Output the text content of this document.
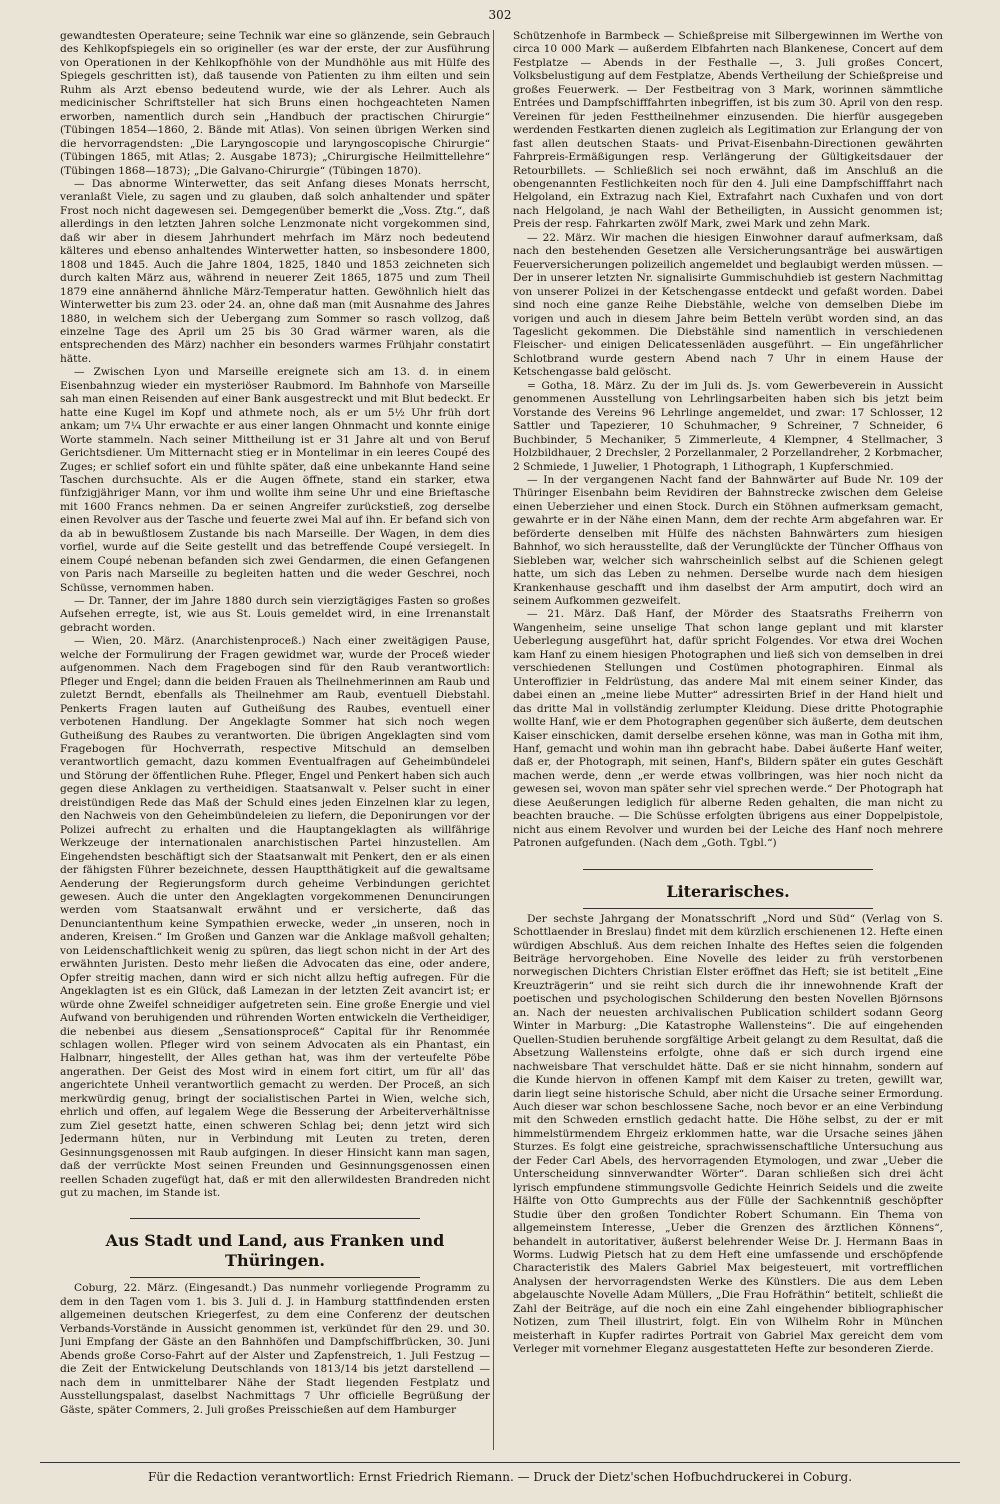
302

gewandtesten Operateure; seine Technik war eine so glänzende, sein Gebrauch des Kehlkopfspiegels ein so origineller (es war der erste, der zur Ausführung von Operationen in der Kehlkopfhöhle von der Mundhöhle aus mit Hülfe des Spiegels geschritten ist), daß tausende von Patienten zu ihm eilten und sein Ruhm als Arzt ebenso bedeutend wurde, wie der als Lehrer. Auch als medicinischer Schriftsteller hat sich Bruns einen hochgeachteten Namen erworben, namentlich durch sein „Handbuch der practischen Chirurgie“ (Tübingen 1854—1860, 2. Bände mit Atlas). Von seinen übrigen Werken sind die hervorragendsten: „Die Laryngoscopie und laryngoscopische Chirurgie“ (Tübingen 1865, mit Atlas; 2. Ausgabe 1873); „Chirurgische Heilmittellehre“ (Tübingen 1868—1873); „Die Galvano-Chirurgie“ (Tübingen 1870).

— Das abnorme Winterwetter, das seit Anfang dieses Monats herrscht, veranlaßt Viele, zu sagen und zu glauben, daß solch anhaltender und später Frost noch nicht dagewesen sei. Demgegenüber bemerkt die „Voss. Ztg.“, daß allerdings in den letzten Jahren solche Lenzmonate nicht vorgekommen sind, daß wir aber in diesem Jahrhundert mehrfach im März noch bedeutend kälteres und ebenso anhaltendes Winterwetter hatten, so insbesondere 1800, 1808 und 1845. Auch die Jahre 1804, 1825, 1840 und 1853 zeichneten sich durch kalten März aus, während in neuerer Zeit 1865, 1875 und zum Theil 1879 eine annähernd ähnliche März-Temperatur hatten. Gewöhnlich hielt das Winterwetter bis zum 23. oder 24. an, ohne daß man (mit Ausnahme des Jahres 1880, in welchem sich der Uebergang zum Sommer so rasch vollzog, daß einzelne Tage des April um 25 bis 30 Grad wärmer waren, als die entsprechenden des März) nachher ein besonders warmes Frühjahr constatirt hätte.

— Zwischen Lyon und Marseille ereignete sich am 13. d. in einem Eisenbahnzug wieder ein mysteriöser Raubmord. Im Bahnhofe von Marseille sah man einen Reisenden auf einer Bank ausgestreckt und mit Blut bedeckt. Er hatte eine Kugel im Kopf und athmete noch, als er um 5½ Uhr früh dort ankam; um 7¼ Uhr erwachte er aus einer langen Ohnmacht und konnte einige Worte stammeln. Nach seiner Mittheilung ist er 31 Jahre alt und von Beruf Gerichtsdiener. Um Mitternacht stieg er in Montelimar in ein leeres Coupé des Zuges; er schlief sofort ein und fühlte später, daß eine unbekannte Hand seine Taschen durchsuchte. Als er die Augen öffnete, stand ein starker, etwa fünfzigjähriger Mann, vor ihm und wollte ihm seine Uhr und eine Brieftasche mit 1600 Francs nehmen. Da er seinen Angreifer zurückstieß, zog derselbe einen Revolver aus der Tasche und feuerte zwei Mal auf ihn. Er befand sich von da ab in bewußtlosem Zustande bis nach Marseille. Der Wagen, in dem dies vorfiel, wurde auf die Seite gestellt und das betreffende Coupé versiegelt. In einem Coupé nebenan befanden sich zwei Gendarmen, die einen Gefangenen von Paris nach Marseille zu begleiten hatten und die weder Geschrei, noch Schüsse, vernommen haben.

— Dr. Tanner, der im Jahre 1880 durch sein vierzigtägiges Fasten so großes Aufsehen erregte, ist, wie aus St. Louis gemeldet wird, in eine Irrenanstalt gebracht worden.

— Wien, 20. März. (Anarchistenproceß.) Nach einer zweitägigen Pause, welche der Formulirung der Fragen gewidmet war, wurde der Proceß wieder aufgenommen. Nach dem Fragebogen sind für den Raub verantwortlich: Pfleger und Engel; dann die beiden Frauen als Theilnehmerinnen am Raub und zuletzt Berndt, ebenfalls als Theilnehmer am Raub, eventuell Diebstahl. Penkerts Fragen lauten auf Gutheißung des Raubes, eventuell einer verbotenen Handlung. Der Angeklagte Sommer hat sich noch wegen Gutheißung des Raubes zu verantworten. Die übrigen Angeklagten sind vom Fragebogen für Hochverrath, respective Mitschuld an demselben verantwortlich gemacht, dazu kommen Eventualfragen auf Geheimbündelei und Störung der öffentlichen Ruhe. Pfleger, Engel und Penkert haben sich auch gegen diese Anklagen zu vertheidigen. Staatsanwalt v. Pelser sucht in einer dreistündigen Rede das Maß der Schuld eines jeden Einzelnen klar zu legen, den Nachweis von den Geheimbündeleien zu liefern, die Deponirungen vor der Polizei aufrecht zu erhalten und die Hauptangeklagten als willfährige Werkzeuge der internationalen anarchistischen Partei hinzustellen. Am Eingehendsten beschäftigt sich der Staatsanwalt mit Penkert, den er als einen der fähigsten Führer bezeichnete, dessen Hauptthätigkeit auf die gewaltsame Aenderung der Regierungsform durch geheime Verbindungen gerichtet gewesen. Auch die unter den Angeklagten vorgekommenen Denuncirungen werden vom Staatsanwalt erwähnt und er versicherte, daß das Denunciantenthum keine Sympathien erwecke, weder „in unseren, noch in anderen, Kreisen.“ Im Großen und Ganzen war die Anklage maßvoll gehalten; von Leidenschaftlichkeit wenig zu spüren, das liegt schon nicht in der Art des erwähnten Juristen. Desto mehr ließen die Advocaten das eine, oder andere, Opfer streitig machen, dann wird er sich nicht allzu heftig aufregen. Für die Angeklagten ist es ein Glück, daß Lamezan in der letzten Zeit avancirt ist; er würde ohne Zweifel schneidiger aufgetreten sein. Eine große Energie und viel Aufwand von beruhigenden und rührenden Worten entwickeln die Vertheidiger, die nebenbei aus diesem „Sensationsproceß“ Capital für ihr Renommée schlagen wollen. Pfleger wird von seinem Advocaten als ein Phantast, ein Halbnarr, hingestellt, der Alles gethan hat, was ihm der verteufelte Pöbe angerathen. Der Geist des Most wird in einem fort citirt, um für all' das angerichtete Unheil verantwortlich gemacht zu werden. Der Proceß, an sich merkwürdig genug, bringt der socialistischen Partei in Wien, welche sich, ehrlich und offen, auf legalem Wege die Besserung der Arbeiterverhältnisse zum Ziel gesetzt hatte, einen schweren Schlag bei; denn jetzt wird sich Jedermann hüten, nur in Verbindung mit Leuten zu treten, deren Gesinnungsgenossen mit Raub aufgingen. In dieser Hinsicht kann man sagen, daß der verrückte Most seinen Freunden und Gesinnungsgenossen einen reellen Schaden zugefügt hat, daß er mit den allerwildesten Brandreden nicht gut zu machen, im Stande ist.

Aus Stadt und Land, aus Franken und Thüringen.

Coburg, 22. März. (Eingesandt.) Das nunmehr vorliegende Programm zu dem in den Tagen vom 1. bis 3. Juli d. J. in Hamburg stattfindenden ersten allgemeinen deutschen Kriegerfest, zu dem eine Conferenz der deutschen Verbands-Vorstände in Aussicht genommen ist, verkündet für den 29. und 30. Juni Empfang der Gäste an den Bahnhöfen und Dampfschiffbrücken, 30. Juni Abends große Corso-Fahrt auf der Alster und Zapfenstreich, 1. Juli Festzug — die Zeit der Entwickelung Deutschlands von 1813/14 bis jetzt darstellend — nach dem in unmittelbarer Nähe der Stadt liegenden Festplatz und Ausstellungspalast, daselbst Nachmittags 7 Uhr officielle Begrüßung der Gäste, später Commers, 2. Juli großes Preisschießen auf dem Hamburger

Schützenhofe in Barmbeck — Schießpreise mit Silbergewinnen im Werthe von circa 10 000 Mark — außerdem Elbfahrten nach Blankenese, Concert auf dem Festplatze — Abends in der Festhalle —, 3. Juli großes Concert, Volksbelustigung auf dem Festplatze, Abends Vertheilung der Schießpreise und großes Feuerwerk. — Der Festbeitrag von 3 Mark, worinnen sämmtliche Entrées und Dampfschifffahrten inbegriffen, ist bis zum 30. April von den resp. Vereinen für jeden Festtheilnehmer einzusenden. Die hierfür ausgegeben werdenden Festkarten dienen zugleich als Legitimation zur Erlangung der von fast allen deutschen Staats- und Privat-Eisenbahn-Directionen gewährten Fahrpreis-Ermäßigungen resp. Verlängerung der Gültigkeitsdauer der Retourbillets. — Schließlich sei noch erwähnt, daß im Anschluß an die obengenannten Festlichkeiten noch für den 4. Juli eine Dampfschifffahrt nach Helgoland, ein Extrazug nach Kiel, Extrafahrt nach Cuxhafen und von dort nach Helgoland, je nach Wahl der Betheiligten, in Aussicht genommen ist; Preis der resp. Fahrkarten zwölf Mark, zwei Mark und zehn Mark.

— 22. März. Wir machen die hiesigen Einwohner darauf aufmerksam, daß nach den bestehenden Gesetzen alle Versicherungsanträge bei auswärtigen Feuerversicherungen polizeilich angemeldet und beglaubigt werden müssen. — Der in unserer letzten Nr. signalisirte Gummischuhdieb ist gestern Nachmittag von unserer Polizei in der Ketschengasse entdeckt und gefaßt worden. Dabei sind noch eine ganze Reihe Diebstähle, welche von demselben Diebe im vorigen und auch in diesem Jahre beim Betteln verübt worden sind, an das Tageslicht gekommen. Die Diebstähle sind namentlich in verschiedenen Fleischer- und einigen Delicatessenläden ausgeführt. — Ein ungefährlicher Schlotbrand wurde gestern Abend nach 7 Uhr in einem Hause der Ketschengasse bald gelöscht.

= Gotha, 18. März. Zu der im Juli ds. Js. vom Gewerbeverein in Aussicht genommenen Ausstellung von Lehrlingsarbeiten haben sich bis jetzt beim Vorstande des Vereins 96 Lehrlinge angemeldet, und zwar: 17 Schlosser, 12 Sattler und Tapezierer, 10 Schuhmacher, 9 Schreiner, 7 Schneider, 6 Buchbinder, 5 Mechaniker, 5 Zimmerleute, 4 Klempner, 4 Stellmacher, 3 Holzbildhauer, 2 Drechsler, 2 Porzellanmaler, 2 Porzellandreher, 2 Korbmacher, 2 Schmiede, 1 Juwelier, 1 Photograph, 1 Lithograph, 1 Kupferschmied.

— In der vergangenen Nacht fand der Bahnwärter auf Bude Nr. 109 der Thüringer Eisenbahn beim Revidiren der Bahnstrecke zwischen dem Geleise einen Ueberzieher und einen Stock. Durch ein Stöhnen aufmerksam gemacht, gewahrte er in der Nähe einen Mann, dem der rechte Arm abgefahren war. Er beförderte denselben mit Hülfe des nächsten Bahnwärters zum hiesigen Bahnhof, wo sich herausstellte, daß der Verunglückte der Tüncher Offhaus von Siebleben war, welcher sich wahrscheinlich selbst auf die Schienen gelegt hatte, um sich das Leben zu nehmen. Derselbe wurde nach dem hiesigen Krankenhause geschafft und ihm daselbst der Arm amputirt, doch wird an seinem Aufkommen gezweifelt.

— 21. März. Daß Hanf, der Mörder des Staatsraths Freiherrn von Wangenheim, seine unselige That schon lange geplant und mit klarster Ueberlegung ausgeführt hat, dafür spricht Folgendes. Vor etwa drei Wochen kam Hanf zu einem hiesigen Photographen und ließ sich von demselben in drei verschiedenen Stellungen und Costümen photographiren. Einmal als Unteroffizier in Feldrüstung, das andere Mal mit einem seiner Kinder, das dabei einen an „meine liebe Mutter“ adressirten Brief in der Hand hielt und das dritte Mal in vollständig zerlumpter Kleidung. Diese dritte Photographie wollte Hanf, wie er dem Photographen gegenüber sich äußerte, dem deutschen Kaiser einschicken, damit derselbe ersehen könne, was man in Gotha mit ihm, Hanf, gemacht und wohin man ihn gebracht habe. Dabei äußerte Hanf weiter, daß er, der Photograph, mit seinen, Hanf's, Bildern später ein gutes Geschäft machen werde, denn „er werde etwas vollbringen, was hier noch nicht da gewesen sei, wovon man später sehr viel sprechen werde.“ Der Photograph hat diese Aeußerungen lediglich für alberne Reden gehalten, die man nicht zu beachten brauche. — Die Schüsse erfolgten übrigens aus einer Doppelpistole, nicht aus einem Revolver und wurden bei der Leiche des Hanf noch mehrere Patronen aufgefunden. (Nach dem „Goth. Tgbl.“)

Literarisches.

Der sechste Jahrgang der Monatsschrift „Nord und Süd“ (Verlag von S. Schottlaender in Breslau) findet mit dem kürzlich erschienenen 12. Hefte einen würdigen Abschluß. Aus dem reichen Inhalte des Heftes seien die folgenden Beiträge hervorgehoben. Eine Novelle des leider zu früh verstorbenen norwegischen Dichters Christian Elster eröffnet das Heft; sie ist betitelt „Eine Kreuzträgerin“ und sie reiht sich durch die ihr innewohnende Kraft der poetischen und psychologischen Schilderung den besten Novellen Björnsons an. Nach der neuesten archivalischen Publication schildert sodann Georg Winter in Marburg: „Die Katastrophe Wallensteins“. Die auf eingehenden Quellen-Studien beruhende sorgfältige Arbeit gelangt zu dem Resultat, daß die Absetzung Wallensteins erfolgte, ohne daß er sich durch irgend eine nachweisbare That verschuldet hätte. Daß er sie nicht hinnahm, sondern auf die Kunde hiervon in offenen Kampf mit dem Kaiser zu treten, gewillt war, darin liegt seine historische Schuld, aber nicht die Ursache seiner Ermordung. Auch dieser war schon beschlossene Sache, noch bevor er an eine Verbindung mit den Schweden ernstlich gedacht hatte. Die Höhe selbst, zu der er mit himmelstürmendem Ehrgeiz erklommen hatte, war die Ursache seines jähen Sturzes. Es folgt eine geistreiche, sprachwissenschaftliche Untersuchung aus der Feder Carl Abels, des hervorragenden Etymologen, und zwar „Ueber die Unterscheidung sinnverwandter Wörter“. Daran schließen sich drei ächt lyrisch empfundene stimmungsvolle Gedichte Heinrich Seidels und die zweite Hälfte von Otto Gumprechts aus der Fülle der Sachkenntniß geschöpfter Studie über den großen Tondichter Robert Schumann. Ein Thema von allgemeinstem Interesse, „Ueber die Grenzen des ärztlichen Könnens“, behandelt in autoritativer, äußerst belehrender Weise Dr. J. Hermann Baas in Worms. Ludwig Pietsch hat zu dem Heft eine umfassende und erschöpfende Characteristik des Malers Gabriel Max beigesteuert, mit vortrefflichen Analysen der hervorragendsten Werke des Künstlers. Die aus dem Leben abgelauschte Novelle Adam Müllers, „Die Frau Hofräthin“ betitelt, schließt die Zahl der Beiträge, auf die noch ein eine Zahl eingehender bibliographischer Notizen, zum Theil illustrirt, folgt. Ein von Wilhelm Rohr in München meisterhaft in Kupfer radirtes Portrait von Gabriel Max gereicht dem vom Verleger mit vornehmer Eleganz ausgestatteten Hefte zur besonderen Zierde.

Für die Redaction verantwortlich: Ernst Friedrich Riemann. — Druck der Dietz'schen Hofbuchdruckerei in Coburg.
